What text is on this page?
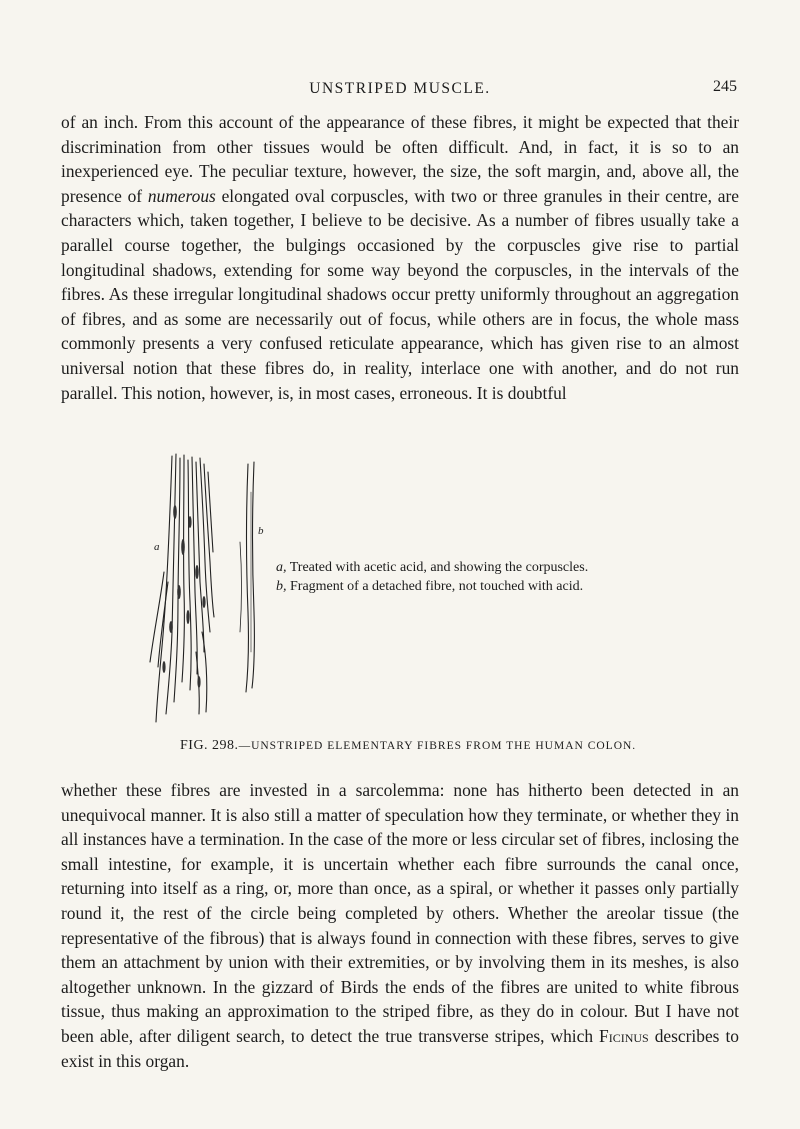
UNSTRIPED MUSCLE.	245

of an inch. From this account of the appearance of these fibres, it might be expected that their discrimination from other tissues would be often difficult. And, in fact, it is so to an inexperienced eye. The peculiar texture, however, the size, the soft margin, and, above all, the presence of numerous elongated oval corpuscles, with two or three granules in their centre, are characters which, taken together, I believe to be decisive. As a number of fibres usually take a parallel course together, the bulgings occasioned by the corpuscles give rise to partial longitudinal shadows, extending for some way beyond the corpuscles, in the intervals of the fibres. As these irregular longitudinal shadows occur pretty uniformly throughout an aggregation of fibres, and as some are necessarily out of focus, while others are in focus, the whole mass commonly presents a very confused reticulate appearance, which has given rise to an almost universal notion that these fibres do, in reality, interlace one with another, and do not run parallel. This notion, however, is, in most cases, erroneous. It is doubtful

a
b
a, Treated with acetic acid, and showing the corpuscles.
b, Fragment of a detached fibre, not touched with acid.
FIG. 298.—UNSTRIPED ELEMENTARY FIBRES FROM THE HUMAN COLON.

whether these fibres are invested in a sarcolemma: none has hitherto been detected in an unequivocal manner. It is also still a matter of speculation how they terminate, or whether they in all instances have a termination. In the case of the more or less circular set of fibres, inclosing the small intestine, for example, it is uncertain whether each fibre surrounds the canal once, returning into itself as a ring, or, more than once, as a spiral, or whether it passes only partially round it, the rest of the circle being completed by others. Whether the areolar tissue (the representative of the fibrous) that is always found in connection with these fibres, serves to give them an attachment by union with their extremities, or by involving them in its meshes, is also altogether unknown. In the gizzard of Birds the ends of the fibres are united to white fibrous tissue, thus making an approximation to the striped fibre, as they do in colour. But I have not been able, after diligent search, to detect the true transverse stripes, which Ficinus describes to exist in this organ.
